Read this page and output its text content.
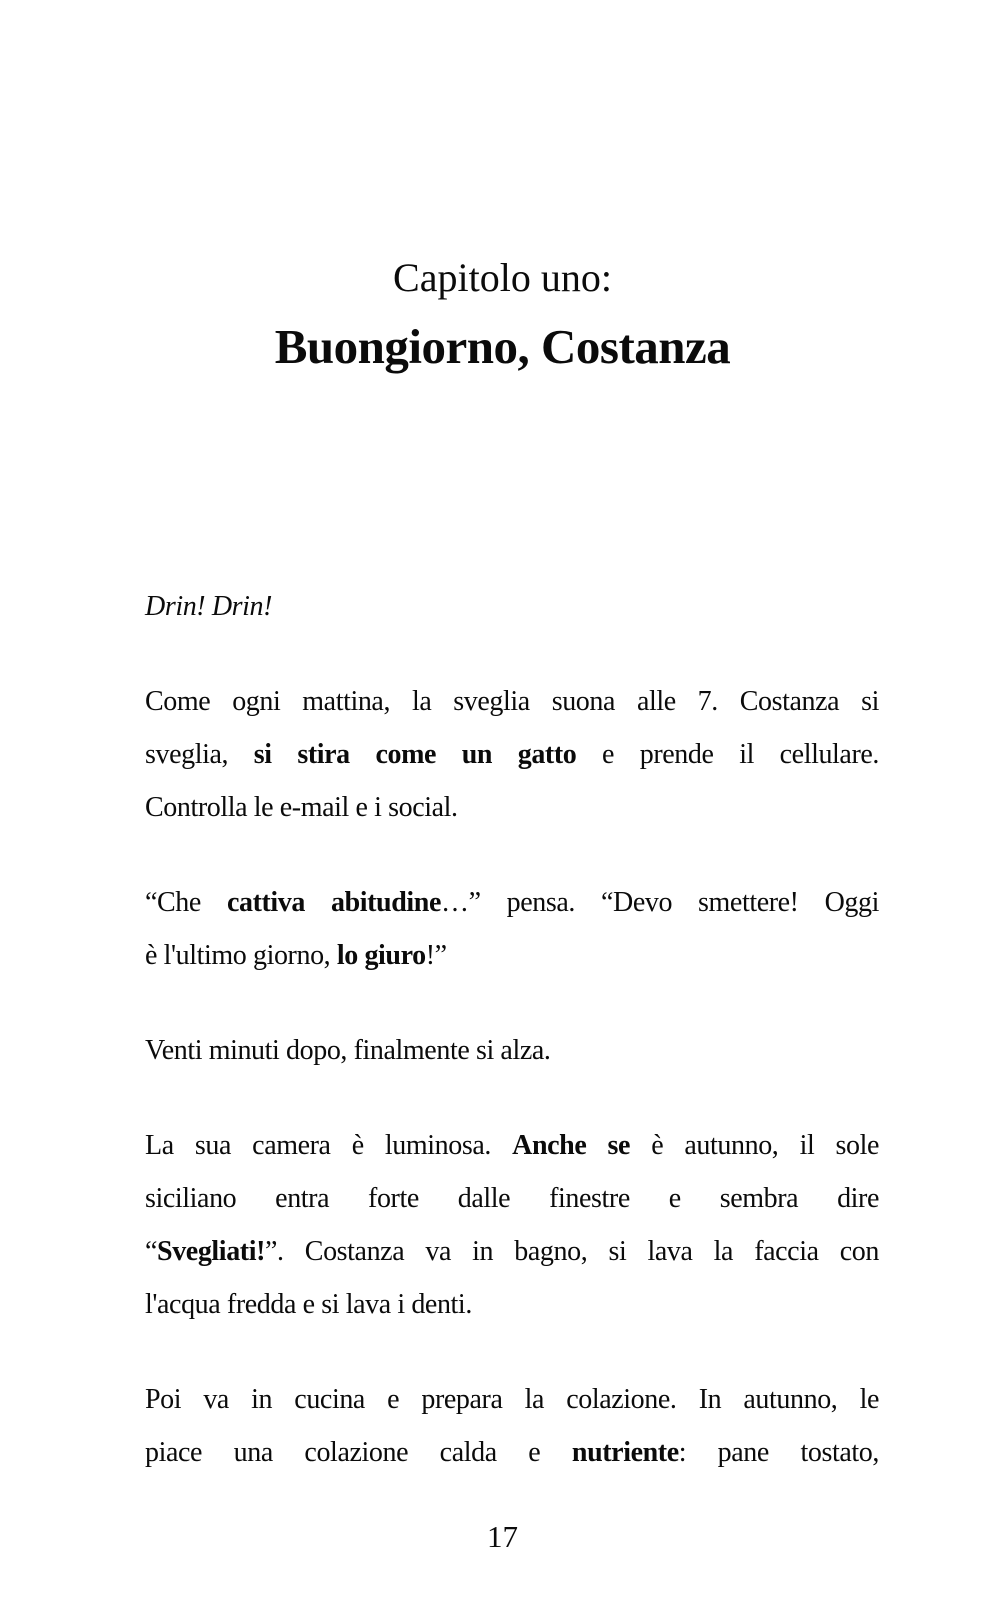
Capitolo uno:
Buongiorno, Costanza
Drin! Drin!
Come ogni mattina, la sveglia suona alle 7. Costanza si
sveglia, si stira come un gatto e prende il cellulare.
Controlla le e-mail e i social.
“Che cattiva abitudine…” pensa. “Devo smettere! Oggi
è l'ultimo giorno, lo giuro!”
Venti minuti dopo, finalmente si alza.
La sua camera è luminosa. Anche se è autunno, il sole
siciliano entra forte dalle finestre e sembra dire
“Svegliati!”. Costanza va in bagno, si lava la faccia con
l'acqua fredda e si lava i denti.
Poi va in cucina e prepara la colazione. In autunno, le
piace una colazione calda e nutriente: pane tostato,
17
